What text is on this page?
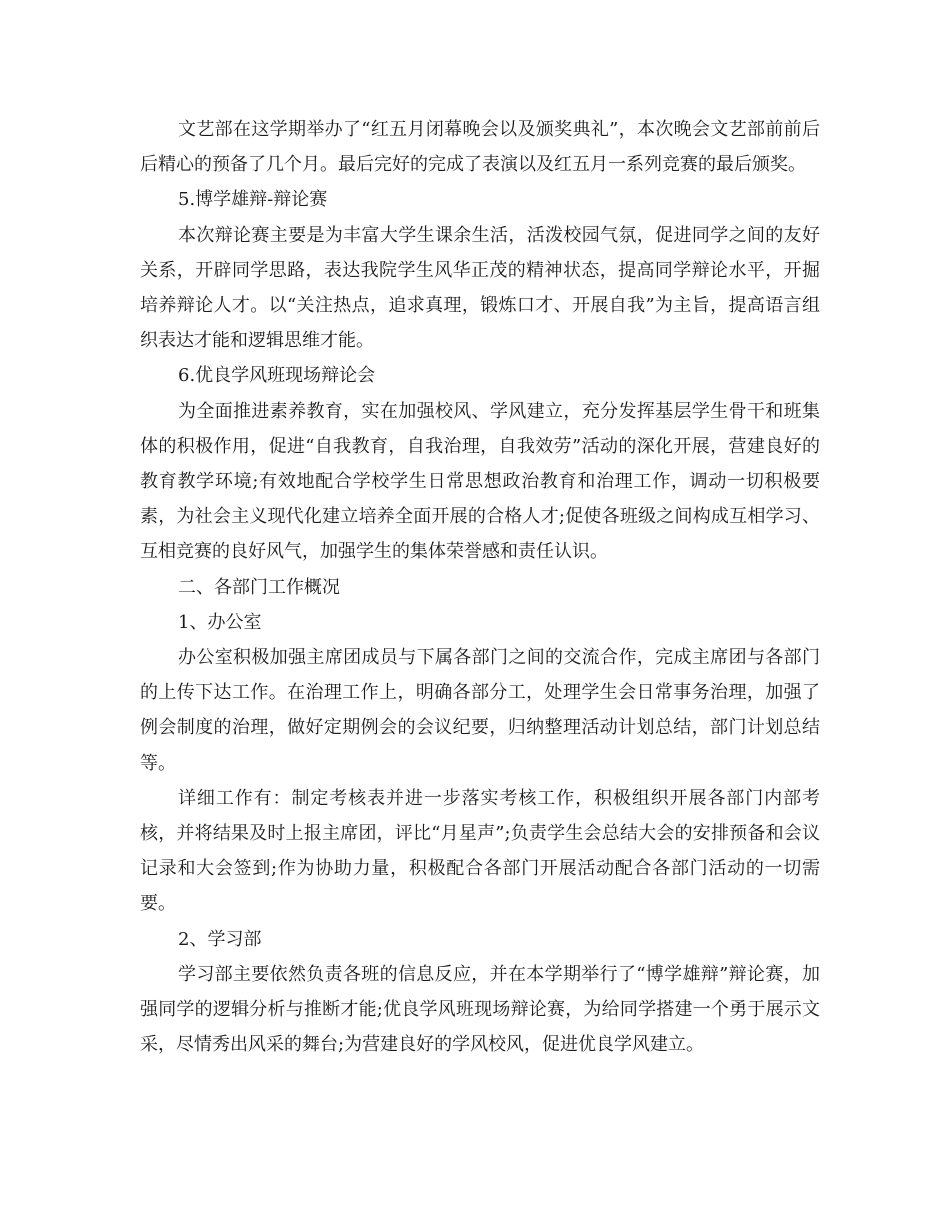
文艺部在这学期举办了“红五月闭幕晚会以及颁奖典礼”，本次晚会文艺部前前后后精心的预备了几个月。最后完好的完成了表演以及红五月一系列竞赛的最后颁奖。

5.博学雄辩-辩论赛

本次辩论赛主要是为丰富大学生课余生活，活泼校园气氛，促进同学之间的友好关系，开辟同学思路，表达我院学生风华正茂的精神状态，提高同学辩论水平，开掘培养辩论人才。以“关注热点，追求真理，锻炼口才、开展自我”为主旨，提高语言组织表达才能和逻辑思维才能。

6.优良学风班现场辩论会

为全面推进素养教育，实在加强校风、学风建立，充分发挥基层学生骨干和班集体的积极作用，促进“自我教育，自我治理，自我效劳”活动的深化开展，营建良好的教育教学环境;有效地配合学校学生日常思想政治教育和治理工作，调动一切积极要素，为社会主义现代化建立培养全面开展的合格人才;促使各班级之间构成互相学习、互相竞赛的良好风气，加强学生的集体荣誉感和责任认识。

二、各部门工作概况

1、办公室

办公室积极加强主席团成员与下属各部门之间的交流合作，完成主席团与各部门的上传下达工作。在治理工作上，明确各部分工，处理学生会日常事务治理，加强了例会制度的治理，做好定期例会的会议纪要，归纳整理活动计划总结，部门计划总结等。

详细工作有：制定考核表并进一步落实考核工作，积极组织开展各部门内部考核，并将结果及时上报主席团，评比“月星声”;负责学生会总结大会的安排预备和会议记录和大会签到;作为协助力量，积极配合各部门开展活动配合各部门活动的一切需要。

2、学习部

学习部主要依然负责各班的信息反应，并在本学期举行了“博学雄辩”辩论赛，加强同学的逻辑分析与推断才能;优良学风班现场辩论赛，为给同学搭建一个勇于展示文采，尽情秀出风采的舞台;为营建良好的学风校风，促进优良学风建立。
